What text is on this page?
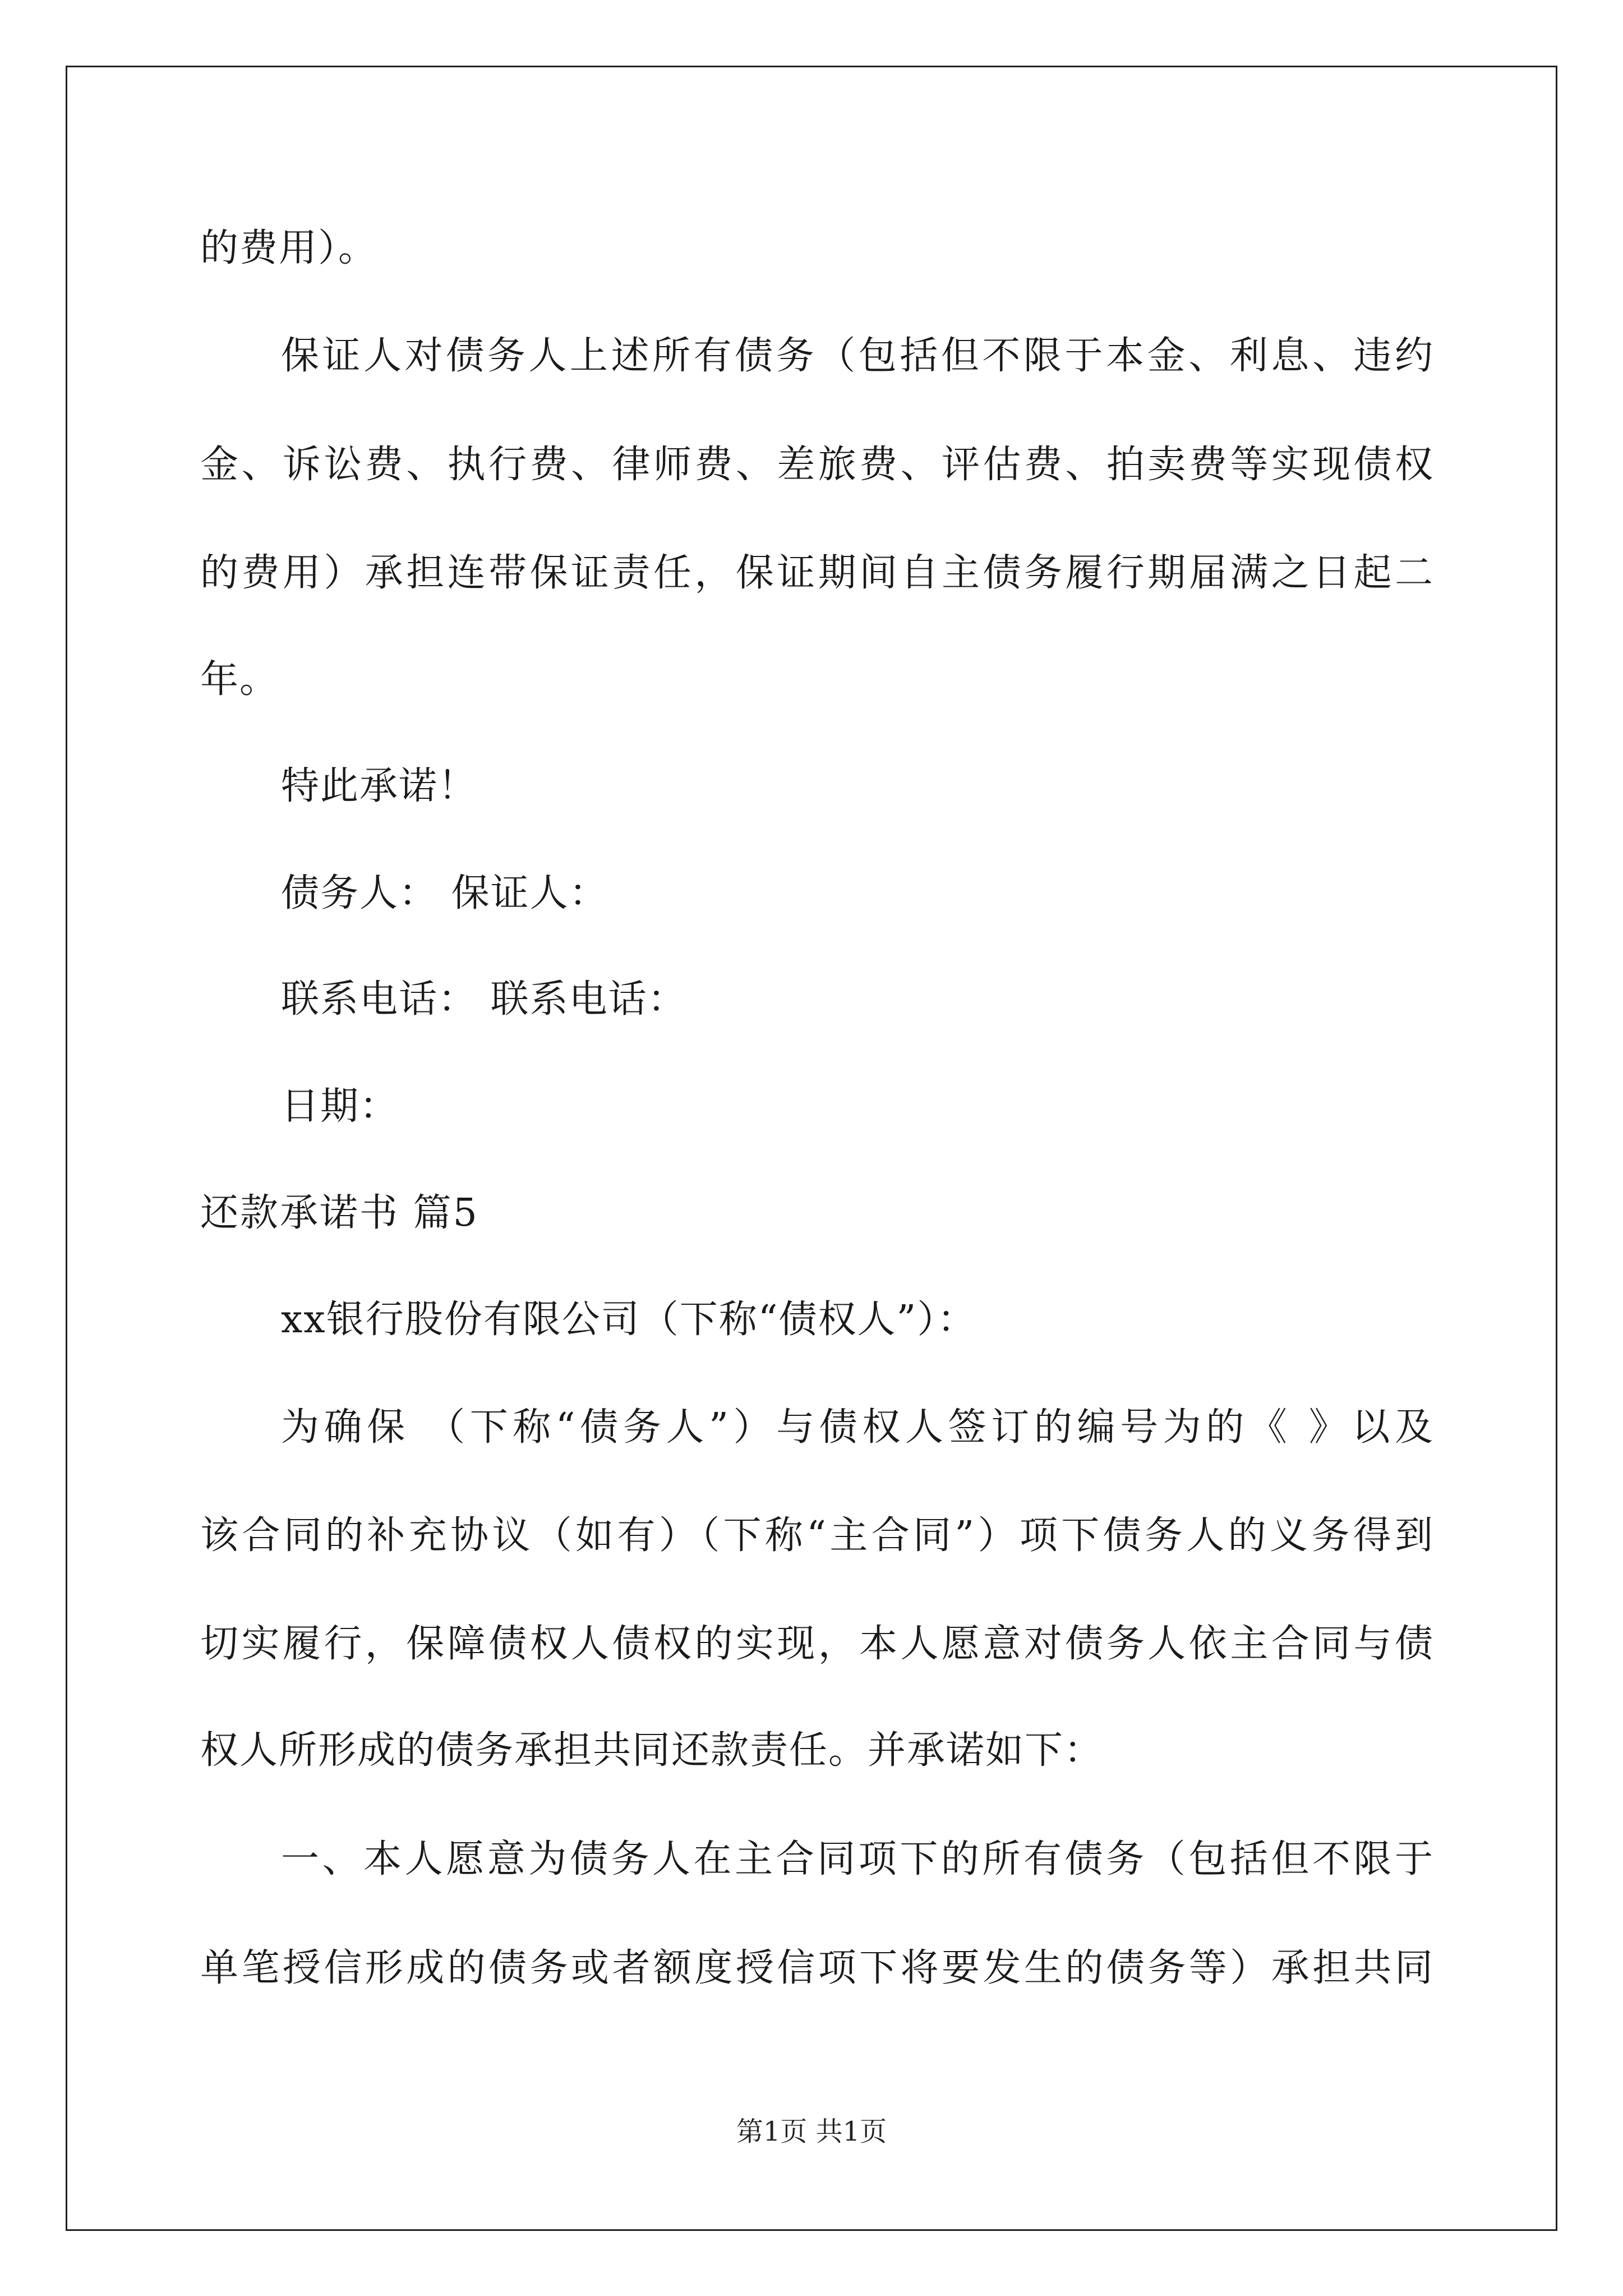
的费用）。
保证人对债务人上述所有债务（包括但不限于本金、利息、违约
金、诉讼费、执行费、律师费、差旅费、评估费、拍卖费等实现债权
的费用）承担连带保证责任，保证期间自主债务履行期届满之日起二
年。
特此承诺！
债务人： 保证人：
联系电话： 联系电话：
日期：
还款承诺书 篇5
xx银行股份有限公司（下称“债权人”）：
为确保 （下称“债务人”）与债权人签订的编号为的《 》以及
该合同的补充协议（如有）（下称“主合同”）项下债务人的义务得到
切实履行，保障债权人债权的实现，本人愿意对债务人依主合同与债
权人所形成的债务承担共同还款责任。并承诺如下：
一、本人愿意为债务人在主合同项下的所有债务（包括但不限于
单笔授信形成的债务或者额度授信项下将要发生的债务等）承担共同
第1页 共1页
